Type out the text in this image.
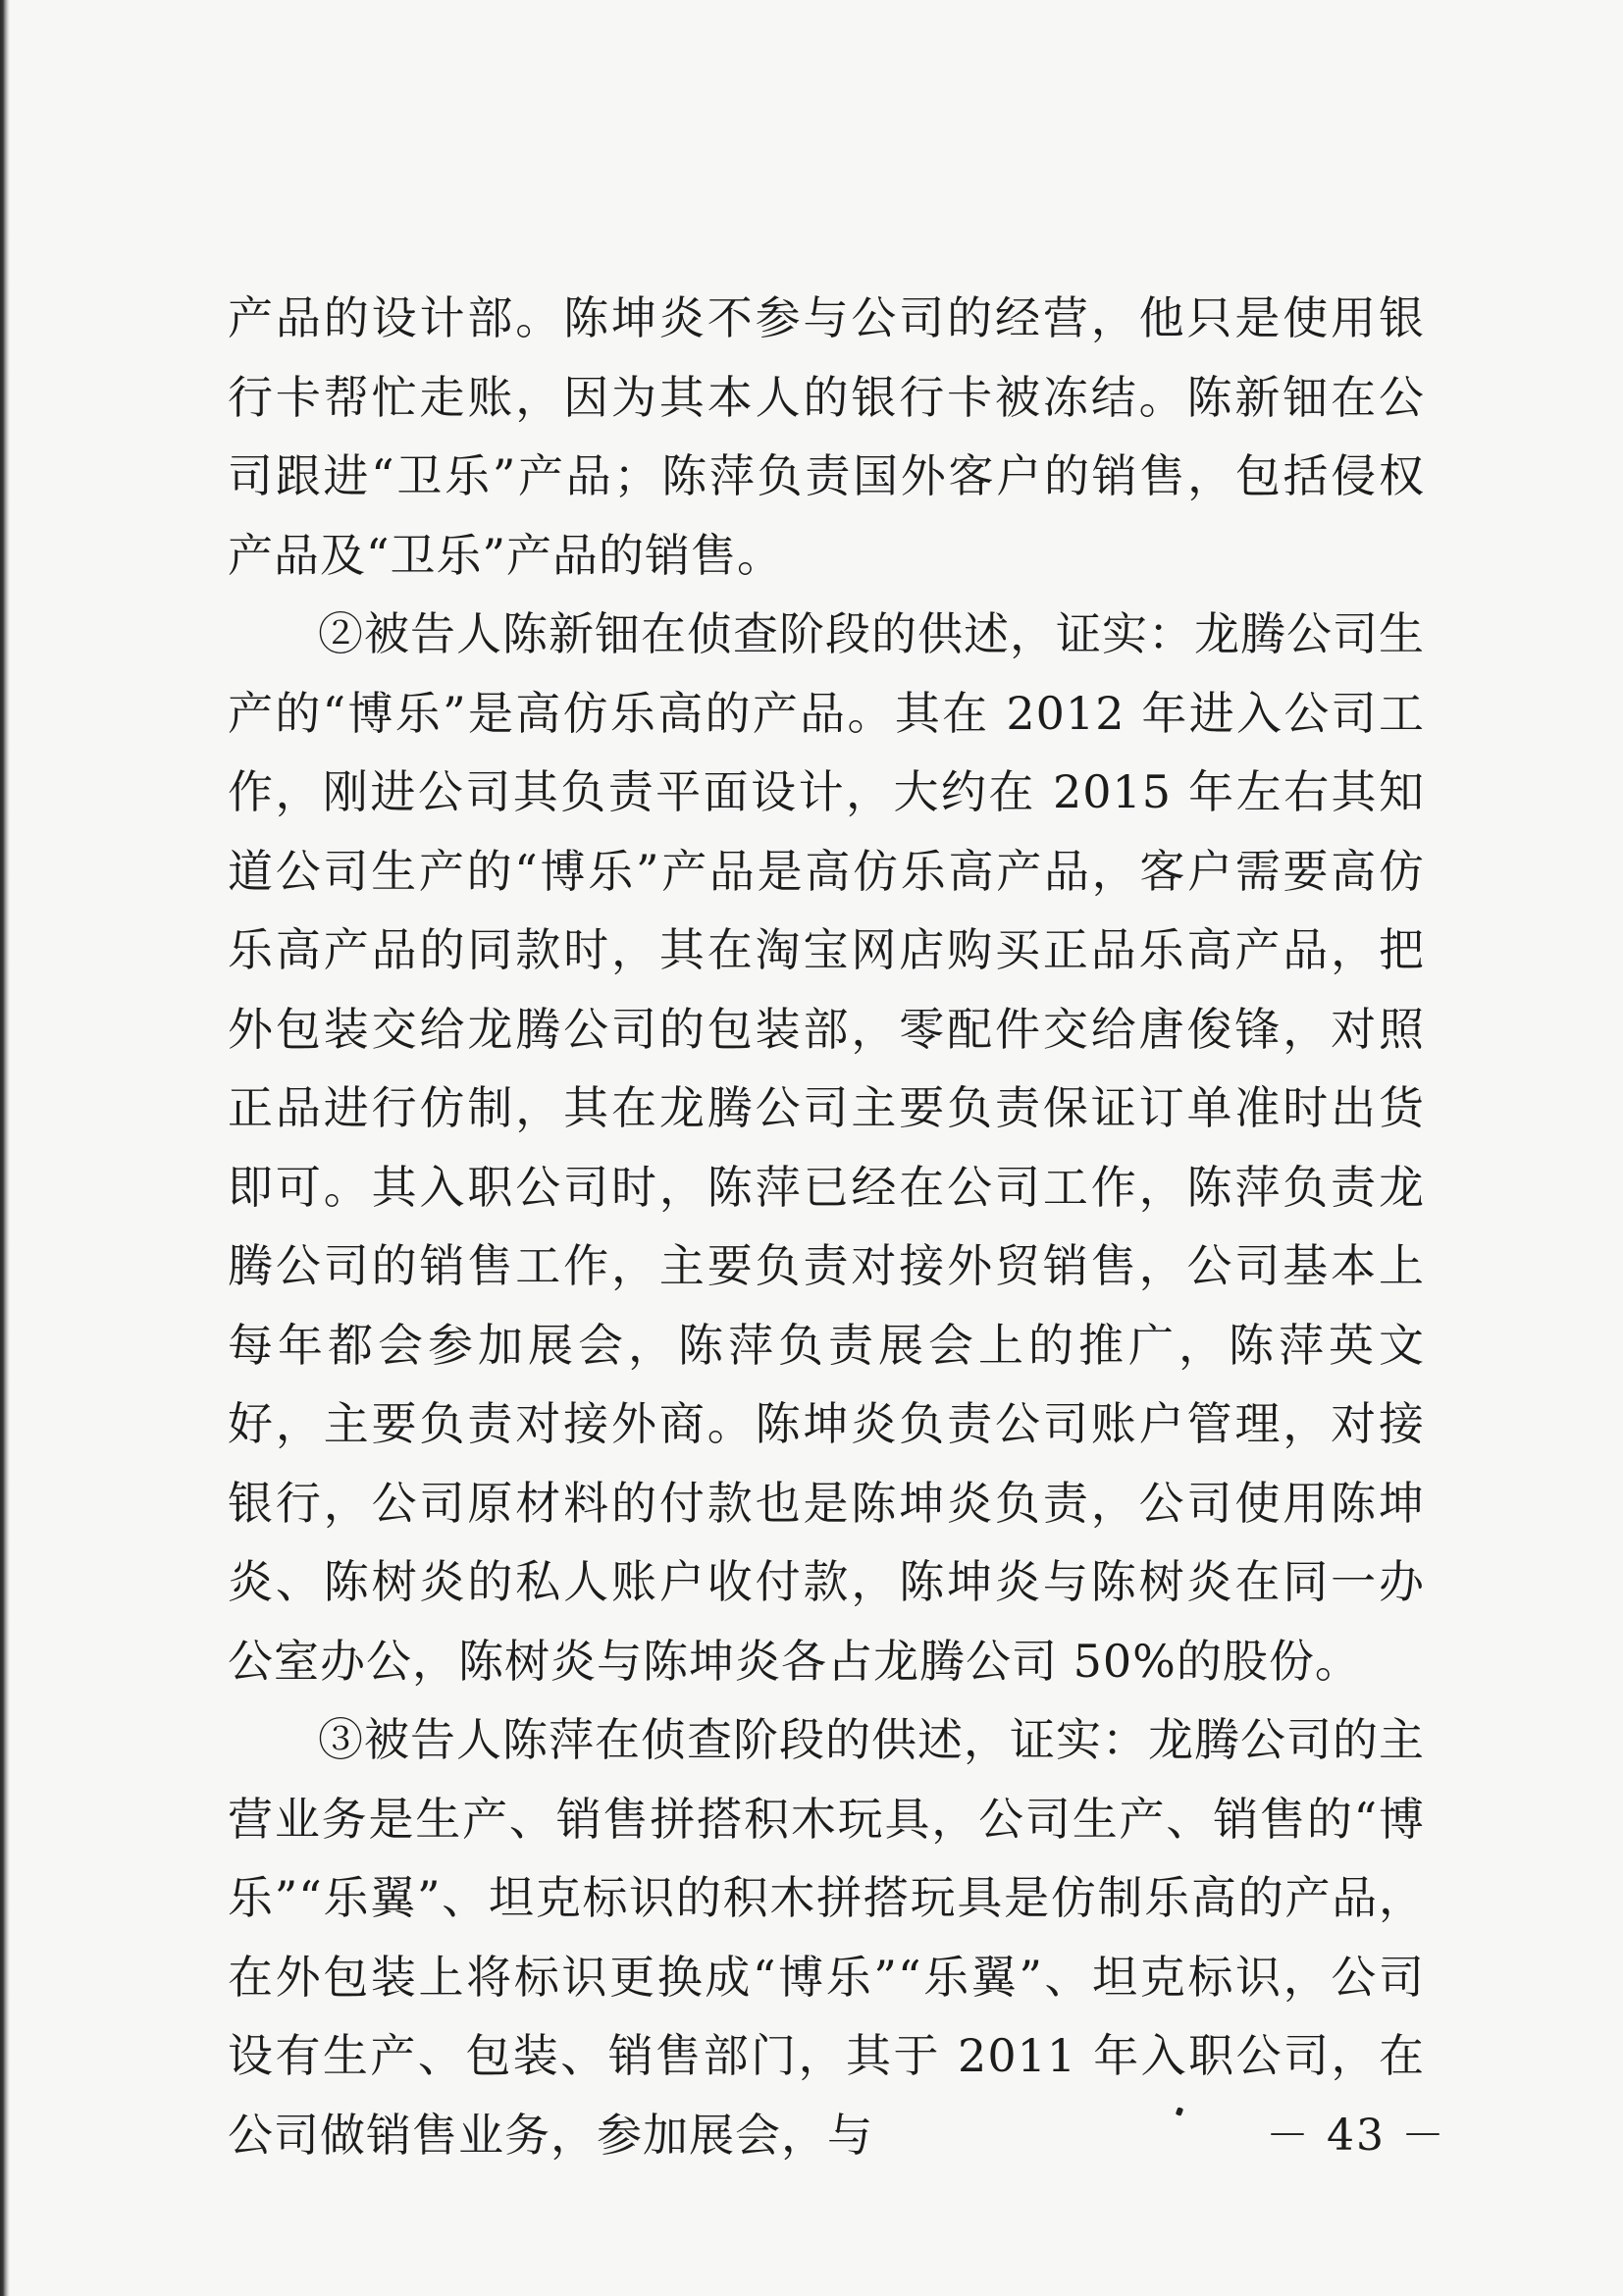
产品的设计部。陈坤炎不参与公司的经营，他只是使用银行卡帮忙走账，因为其本人的银行卡被冻结。陈新钿在公司跟进“卫乐”产品；陈萍负责国外客户的销售，包括侵权产品及“卫乐”产品的销售。

②被告人陈新钿在侦查阶段的供述，证实：龙腾公司生产的“博乐”是高仿乐高的产品。其在 2012 年进入公司工作，刚进公司其负责平面设计，大约在 2015 年左右其知道公司生产的“博乐”产品是高仿乐高产品，客户需要高仿乐高产品的同款时，其在淘宝网店购买正品乐高产品，把外包装交给龙腾公司的包装部，零配件交给唐俊锋，对照正品进行仿制，其在龙腾公司主要负责保证订单准时出货即可。其入职公司时，陈萍已经在公司工作，陈萍负责龙腾公司的销售工作，主要负责对接外贸销售，公司基本上每年都会参加展会，陈萍负责展会上的推广，陈萍英文好，主要负责对接外商。陈坤炎负责公司账户管理，对接银行，公司原材料的付款也是陈坤炎负责，公司使用陈坤炎、陈树炎的私人账户收付款，陈坤炎与陈树炎在同一办公室办公，陈树炎与陈坤炎各占龙腾公司 50%的股份。

③被告人陈萍在侦查阶段的供述，证实：龙腾公司的主营业务是生产、销售拼搭积木玩具，公司生产、销售的“博乐”“乐翼”、坦克标识的积木拼搭玩具是仿制乐高的产品，在外包装上将标识更换成“博乐”“乐翼”、坦克标识，公司设有生产、包装、销售部门，其于 2011 年入职公司，在公司做销售业务，参加展会，与	－ 43 －
